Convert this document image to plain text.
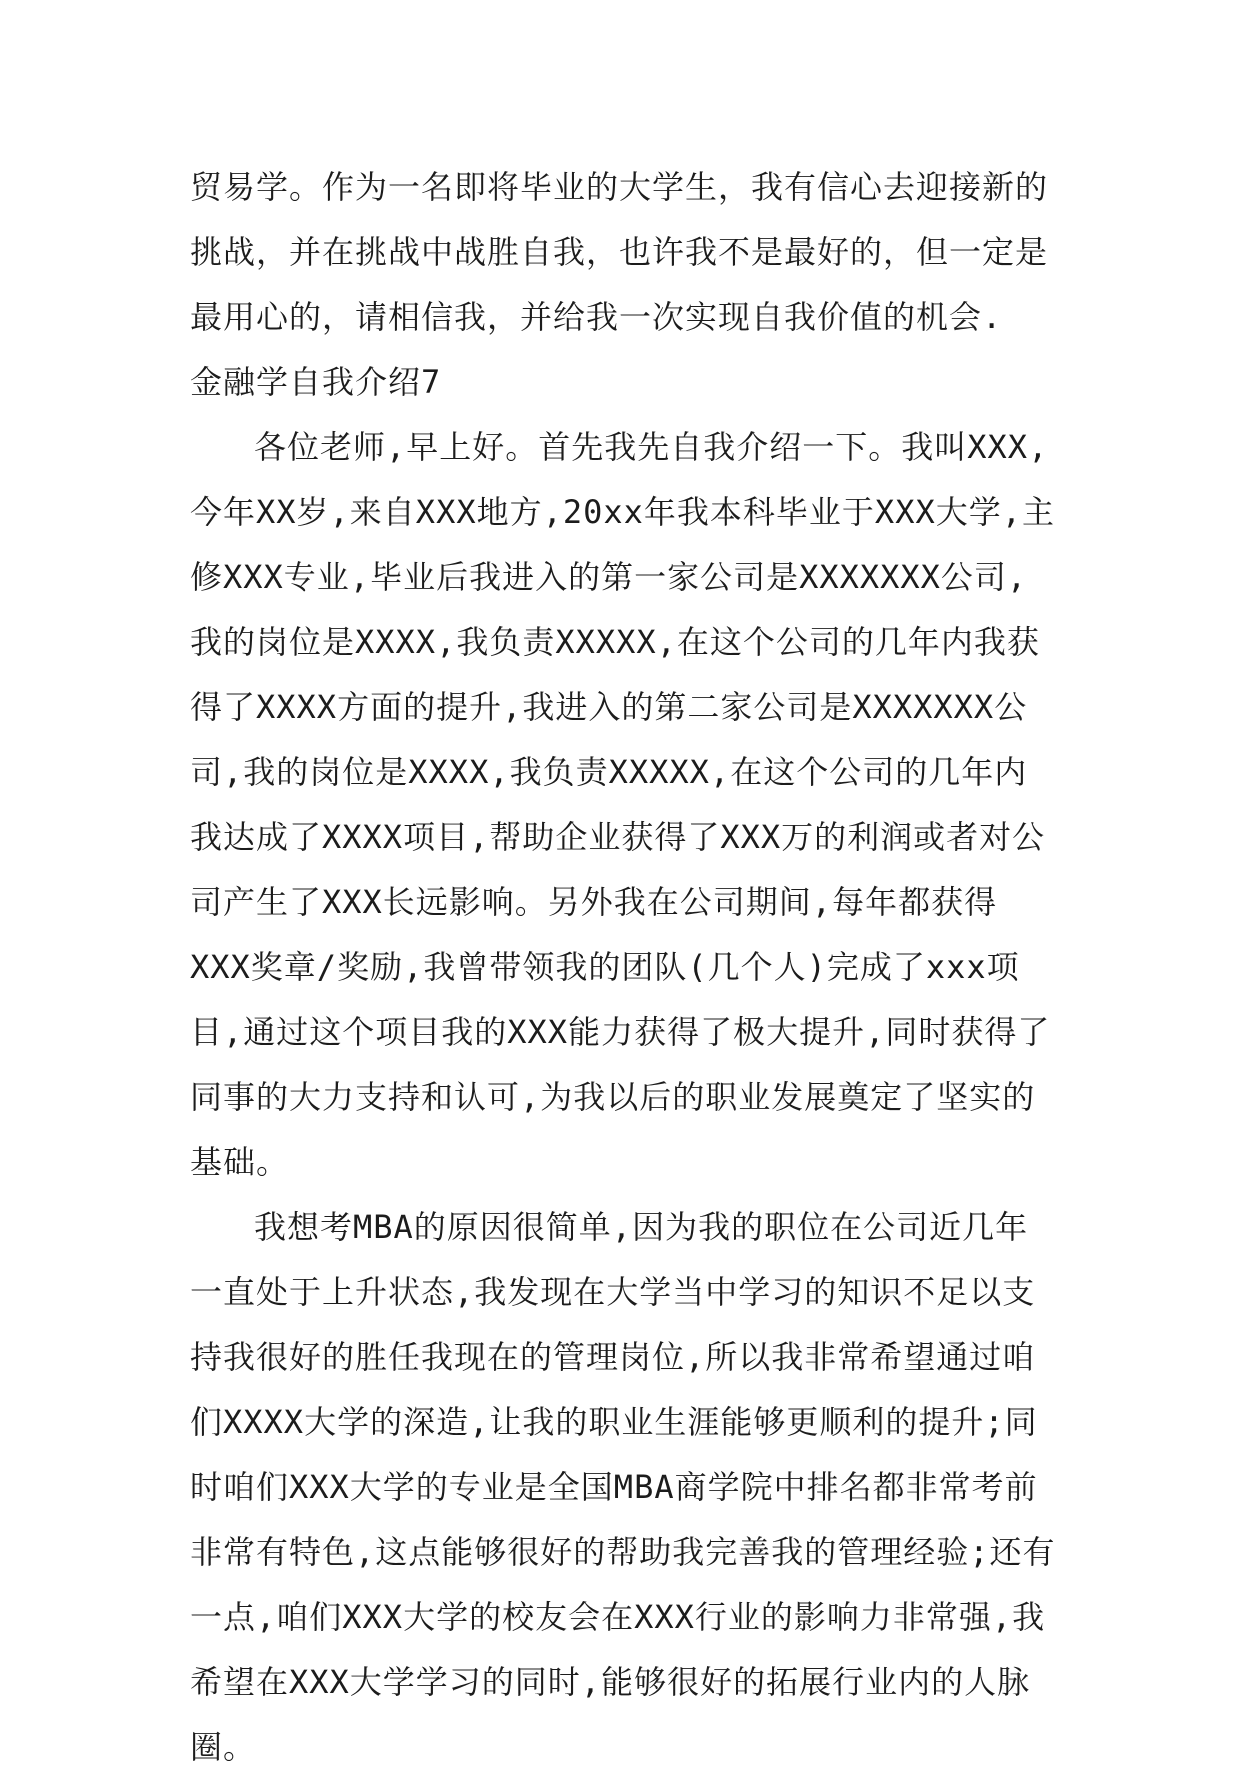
贸易学。作为一名即将毕业的大学生，我有信心去迎接新的挑战，并在挑战中战胜自我，也许我不是最好的，但一定是最用心的，请相信我，并给我一次实现自我价值的机会.

金融学自我介绍7

各位老师,早上好。首先我先自我介绍一下。我叫XXX,今年XX岁,来自XXX地方,20xx年我本科毕业于XXX大学,主修XXX专业,毕业后我进入的第一家公司是XXXXXXX公司,我的岗位是XXXX,我负责XXXXX,在这个公司的几年内我获得了XXXX方面的提升,我进入的第二家公司是XXXXXXX公司,我的岗位是XXXX,我负责XXXXX,在这个公司的几年内我达成了XXXX项目,帮助企业获得了XXX万的利润或者对公司产生了XXX长远影响。另外我在公司期间,每年都获得XXX奖章/奖励,我曾带领我的团队(几个人)完成了xxx项目,通过这个项目我的XXX能力获得了极大提升,同时获得了同事的大力支持和认可,为我以后的职业发展奠定了坚实的基础。

我想考MBA的原因很简单,因为我的职位在公司近几年一直处于上升状态,我发现在大学当中学习的知识不足以支持我很好的胜任我现在的管理岗位,所以我非常希望通过咱们XXXX大学的深造,让我的职业生涯能够更顺利的提升;同时咱们XXX大学的专业是全国MBA商学院中排名都非常考前非常有特色,这点能够很好的帮助我完善我的管理经验;还有一点,咱们XXX大学的校友会在XXX行业的影响力非常强,我希望在XXX大学学习的同时,能够很好的拓展行业内的人脉圈。
